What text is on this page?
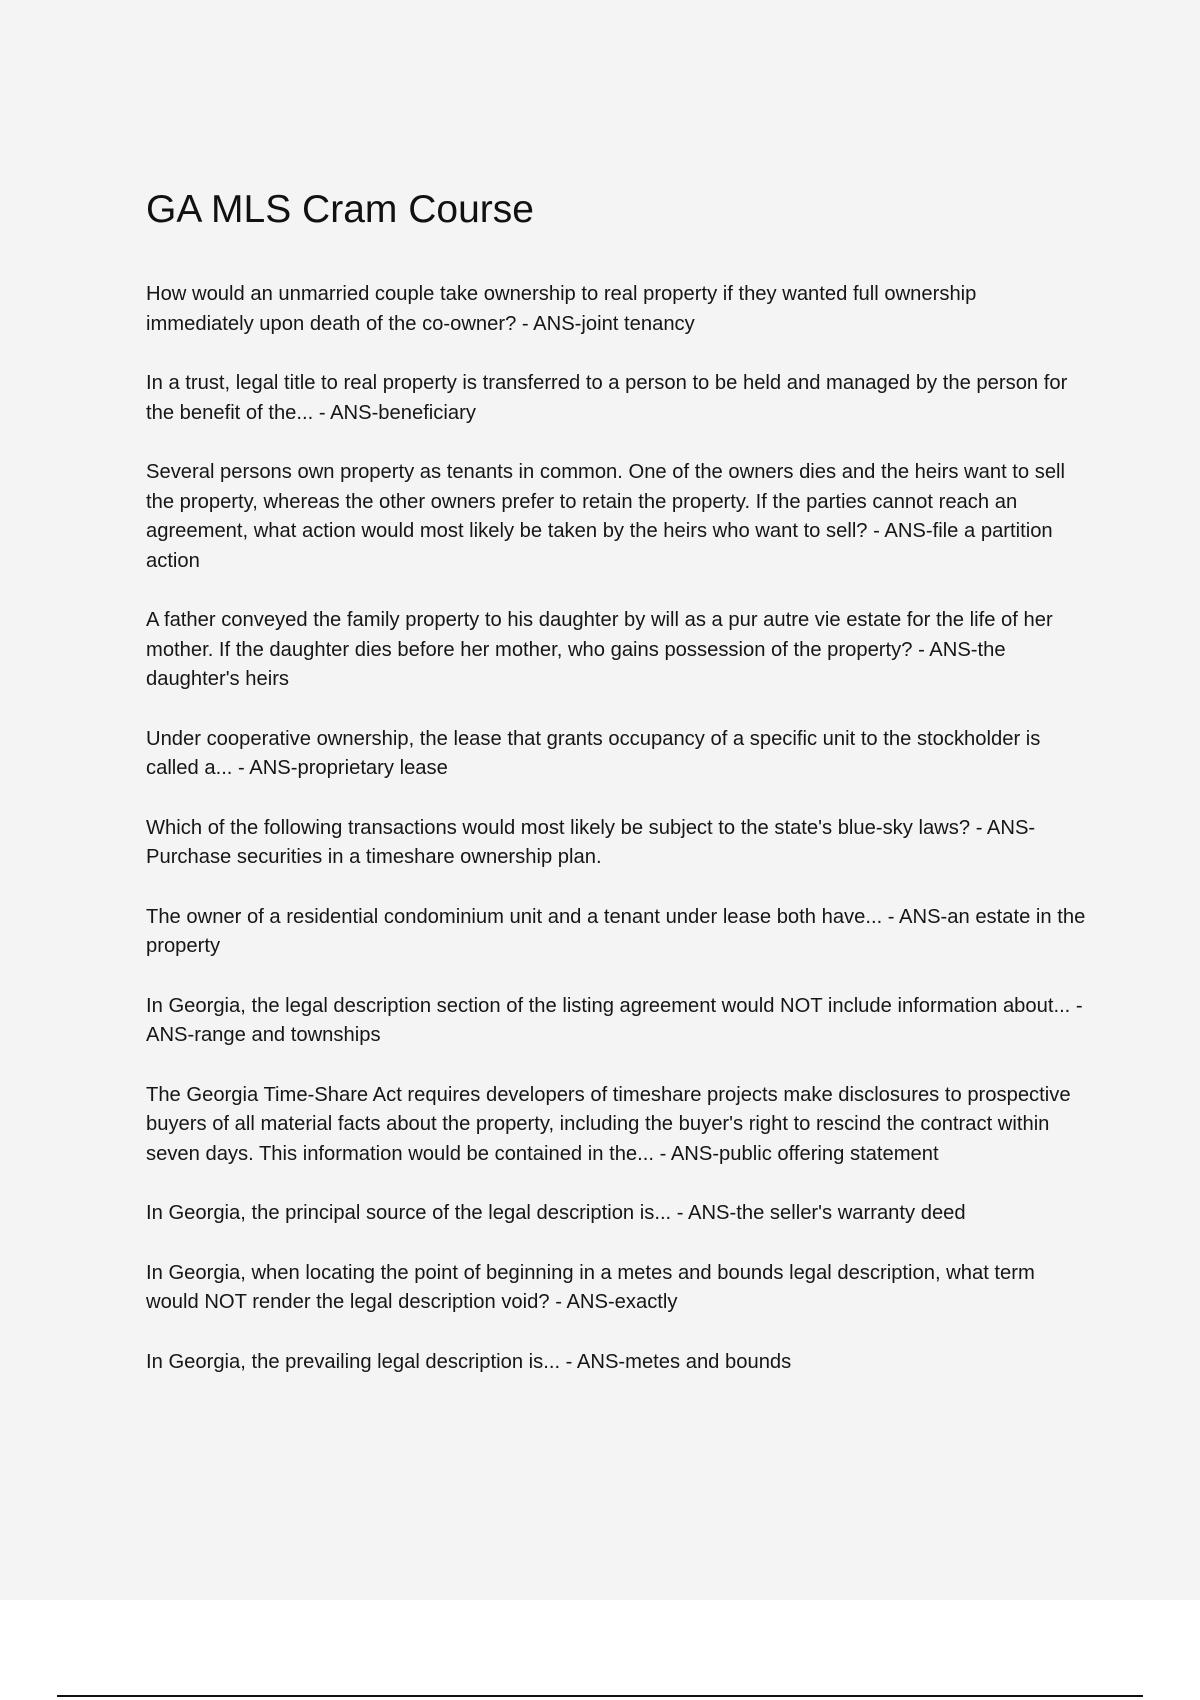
GA MLS Cram Course

How would an unmarried couple take ownership to real property if they wanted full ownership immediately upon death of the co-owner? - ANS-joint tenancy

In a trust, legal title to real property is transferred to a person to be held and managed by the person for the benefit of the... - ANS-beneficiary

Several persons own property as tenants in common. One of the owners dies and the heirs want to sell the property, whereas the other owners prefer to retain the property. If the parties cannot reach an agreement, what action would most likely be taken by the heirs who want to sell? - ANS-file a partition action

A father conveyed the family property to his daughter by will as a pur autre vie estate for the life of her mother. If the daughter dies before her mother, who gains possession of the property? - ANS-the daughter's heirs

Under cooperative ownership, the lease that grants occupancy of a specific unit to the stockholder is called a... - ANS-proprietary lease

Which of the following transactions would most likely be subject to the state's blue-sky laws? - ANS-Purchase securities in a timeshare ownership plan.

The owner of a residential condominium unit and a tenant under lease both have... - ANS-an estate in the property

In Georgia, the legal description section of the listing agreement would NOT include information about... - ANS-range and townships

The Georgia Time-Share Act requires developers of timeshare projects make disclosures to prospective buyers of all material facts about the property, including the buyer's right to rescind the contract within seven days. This information would be contained in the... - ANS-public offering statement

In Georgia, the principal source of the legal description is... - ANS-the seller's warranty deed

In Georgia, when locating the point of beginning in a metes and bounds legal description, what term would NOT render the legal description void? - ANS-exactly

In Georgia, the prevailing legal description is... - ANS-metes and bounds
